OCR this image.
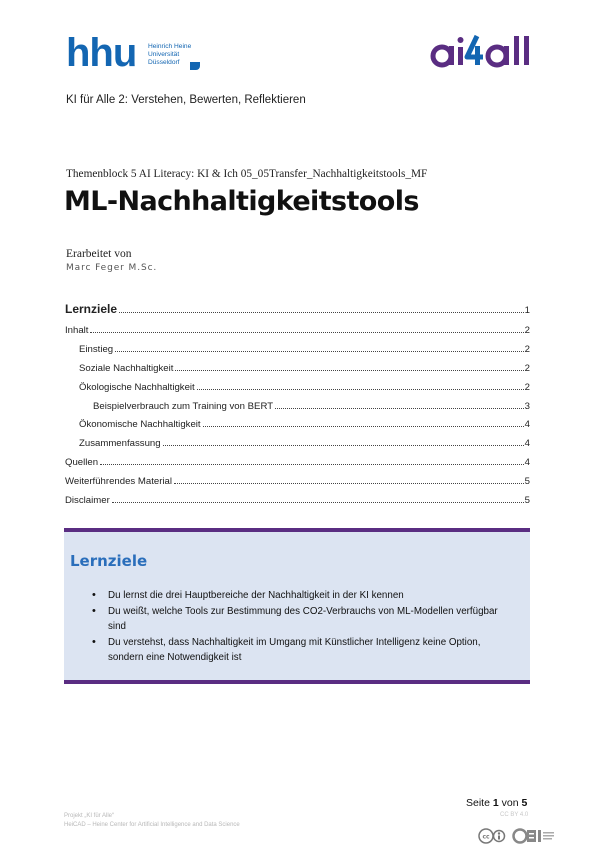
hhu Heinrich Heine
Universität
Düsseldorf
KI für Alle 2: Verstehen, Bewerten, Reflektieren
Themenblock 5 AI Literacy: KI & Ich 05_05Transfer_Nachhaltigkeitstools_MF
ML-Nachhaltigkeitstools
Erarbeitet von
Marc Feger M.Sc.
Lernziele	1
Inhalt	2
Einstieg	2
Soziale Nachhaltigkeit	2
Ökologische Nachhaltigkeit	2
Beispielverbrauch zum Training von BERT	3
Ökonomische Nachhaltigkeit	4
Zusammenfassung	4
Quellen	4
Weiterführendes Material	5
Disclaimer	5
Lernziele
• Du lernst die drei Hauptbereiche der Nachhaltigkeit in der KI kennen
• Du weißt, welche Tools zur Bestimmung des CO2-Verbrauchs von ML-Modellen verfügbar sind
• Du verstehst, dass Nachhaltigkeit im Umgang mit Künstlicher Intelligenz keine Option, sondern eine Notwendigkeit ist
Seite 1 von 5
Projekt „KI für Alle“
HeiCAD – Heine Center for Artificial Intelligence and Data Science
CC BY 4.0
cc
